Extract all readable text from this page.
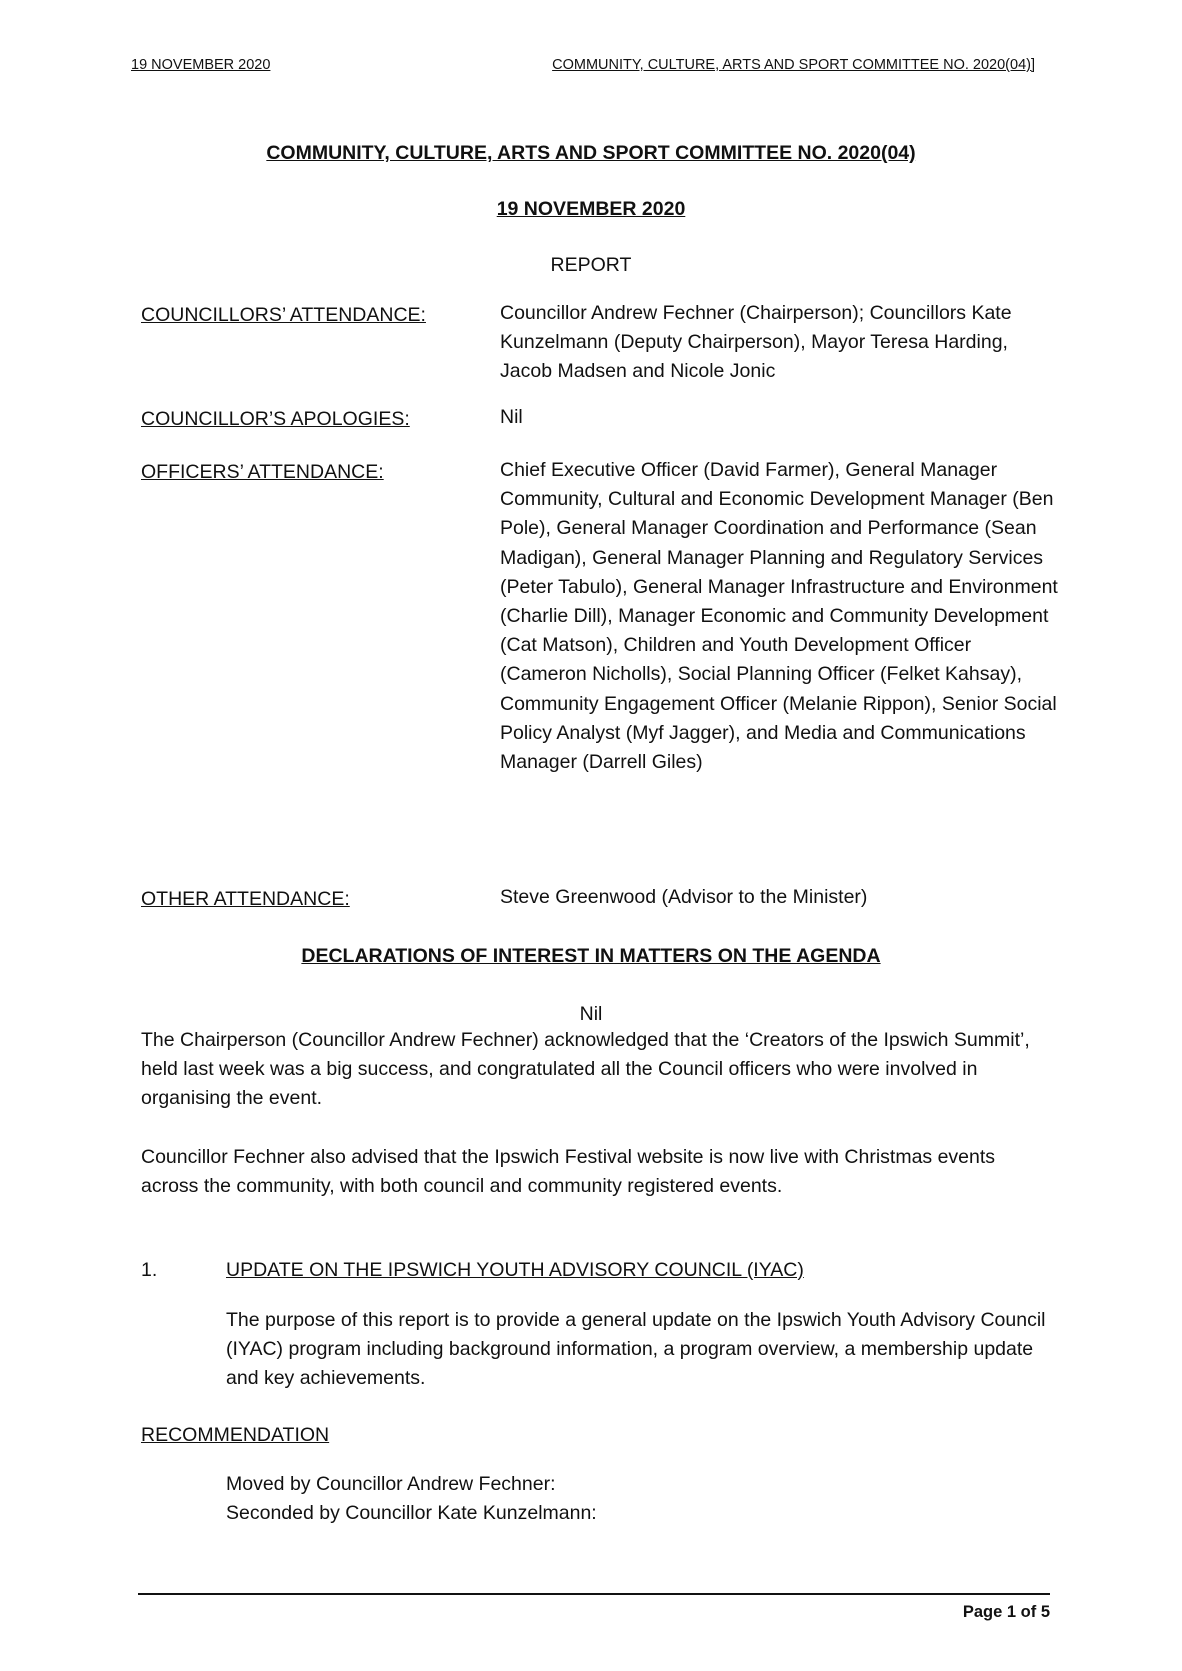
19 NOVEMBER 2020	COMMUNITY, CULTURE, ARTS AND SPORT COMMITTEE NO. 2020(04)]
COMMUNITY, CULTURE, ARTS AND SPORT COMMITTEE NO. 2020(04)
19 NOVEMBER 2020
REPORT
COUNCILLORS’ ATTENDANCE:	Councillor Andrew Fechner (Chairperson); Councillors Kate Kunzelmann (Deputy Chairperson), Mayor Teresa Harding, Jacob Madsen and Nicole Jonic
COUNCILLOR’S APOLOGIES:	Nil
OFFICERS’ ATTENDANCE:	Chief Executive Officer (David Farmer), General Manager Community, Cultural and Economic Development Manager (Ben Pole), General Manager Coordination and Performance (Sean Madigan), General Manager Planning and Regulatory Services (Peter Tabulo), General Manager Infrastructure and Environment (Charlie Dill), Manager Economic and Community Development (Cat Matson), Children and Youth Development Officer (Cameron Nicholls), Social Planning Officer (Felket Kahsay), Community Engagement Officer (Melanie Rippon), Senior Social Policy Analyst (Myf Jagger), and Media and Communications Manager (Darrell Giles)
OTHER ATTENDANCE:	Steve Greenwood (Advisor to the Minister)
DECLARATIONS OF INTEREST IN MATTERS ON THE AGENDA
Nil
The Chairperson (Councillor Andrew Fechner) acknowledged that the ‘Creators of the Ipswich Summit’, held last week was a big success, and congratulated all the Council officers who were involved in organising the event.
Councillor Fechner also advised that the Ipswich Festival website is now live with Christmas events across the community, with both council and community registered events.
1.	UPDATE ON THE IPSWICH YOUTH ADVISORY COUNCIL (IYAC)
The purpose of this report is to provide a general update on the Ipswich Youth Advisory Council (IYAC) program including background information, a program overview, a membership update and key achievements.
RECOMMENDATION
Moved by Councillor Andrew Fechner:
Seconded by Councillor Kate Kunzelmann:
Page 1 of 5
